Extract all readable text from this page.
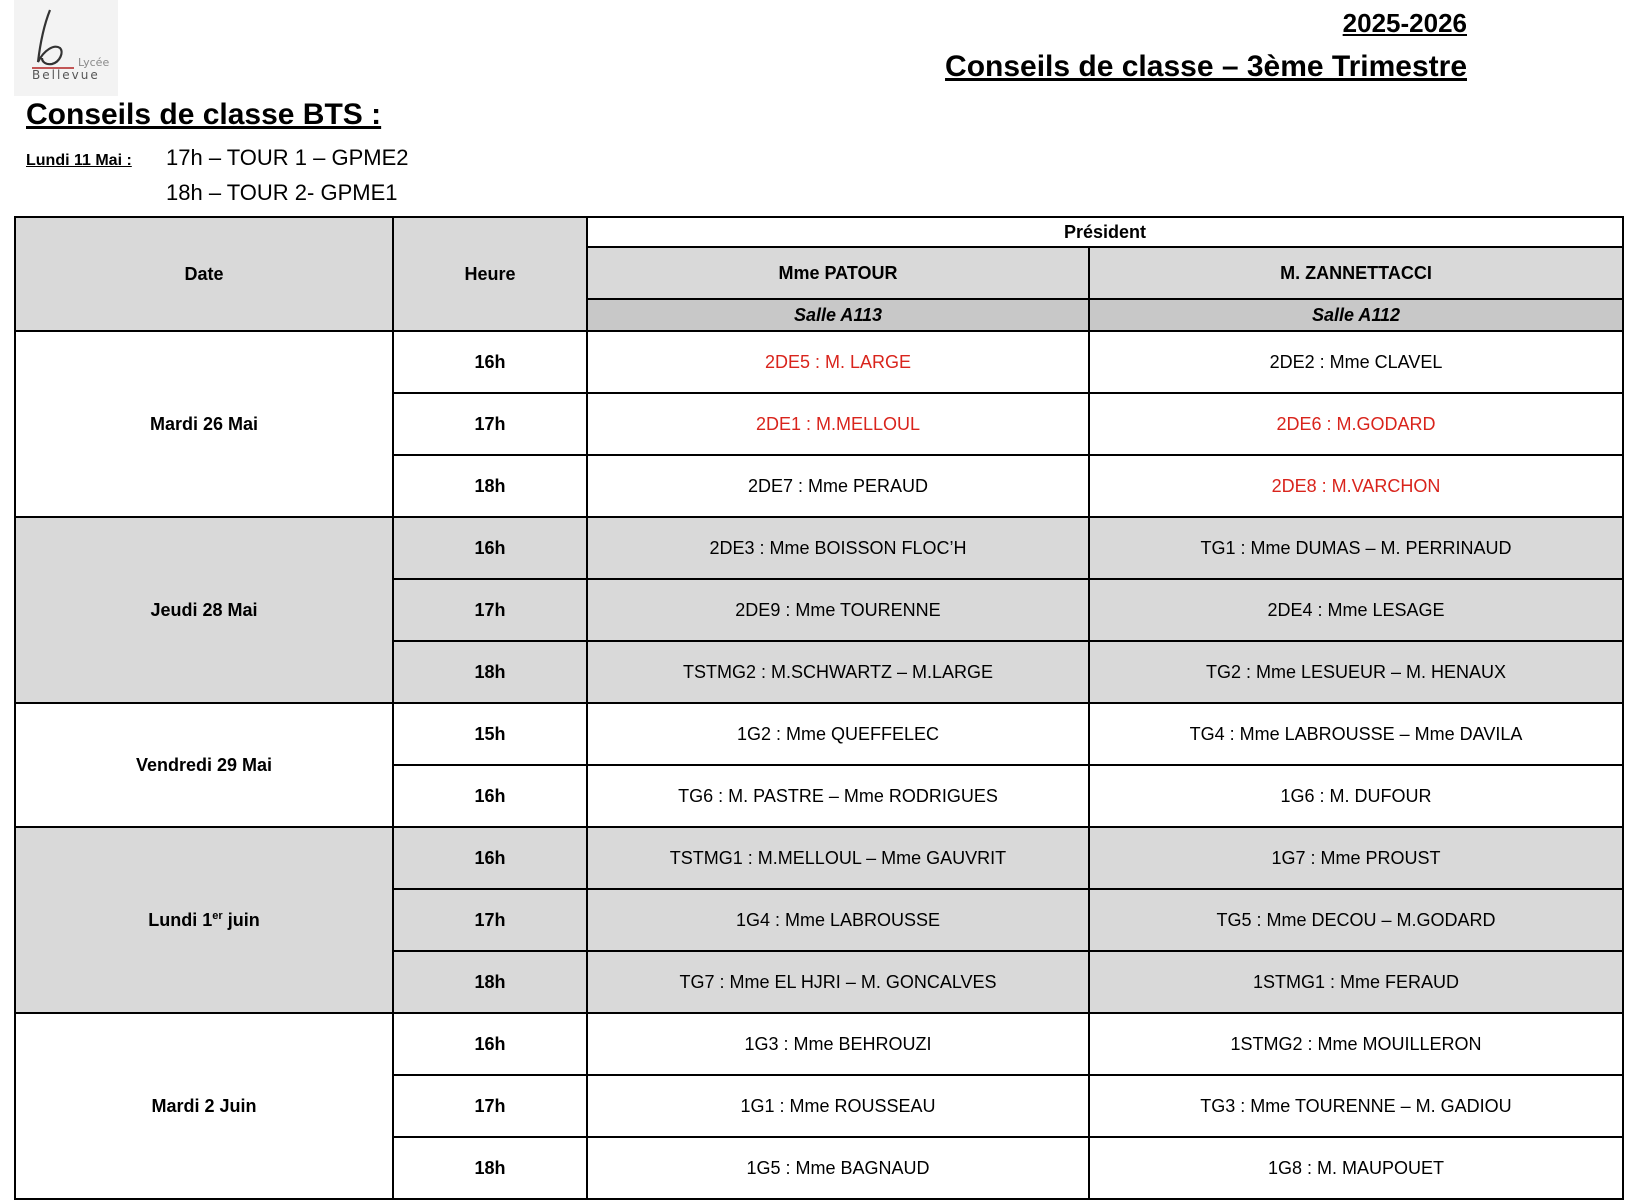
Lycée
Bellevue
2025-2026
Conseils de classe – 3ème Trimestre
Conseils de classe BTS :
Lundi 11 Mai : 17h – TOUR 1 – GPME2
18h – TOUR 2- GPME1
Date	Heure	Président	
		Mme PATOUR	M. ZANNETTACCI
		Salle A113	Salle A112
Mardi 26 Mai	16h	2DE5 : M. LARGE	2DE2 : Mme CLAVEL
	17h	2DE1 : M.MELLOUL	2DE6 : M.GODARD
	18h	2DE7 : Mme PERAUD	2DE8 : M.VARCHON
Jeudi 28 Mai	16h	2DE3 : Mme BOISSON FLOC’H	TG1 : Mme DUMAS – M. PERRINAUD
	17h	2DE9 : Mme TOURENNE	2DE4 : Mme LESAGE
	18h	TSTMG2 : M.SCHWARTZ – M.LARGE	TG2 : Mme LESUEUR – M. HENAUX
Vendredi 29 Mai	15h	1G2 : Mme QUEFFELEC	TG4 : Mme LABROUSSE – Mme DAVILA
	16h	TG6 : M. PASTRE – Mme RODRIGUES	1G6 : M. DUFOUR
Lundi 1er juin	16h	TSTMG1 : M.MELLOUL – Mme GAUVRIT	1G7 : Mme PROUST
	17h	1G4 : Mme LABROUSSE	TG5 : Mme DECOU – M.GODARD
	18h	TG7 : Mme EL HJRI – M. GONCALVES	1STMG1 : Mme FERAUD
Mardi 2 Juin	16h	1G3 : Mme BEHROUZI	1STMG2 : Mme MOUILLERON
	17h	1G1 : Mme ROUSSEAU	TG3 : Mme TOURENNE – M. GADIOU
	18h	1G5 : Mme BAGNAUD	1G8 : M. MAUPOUET
